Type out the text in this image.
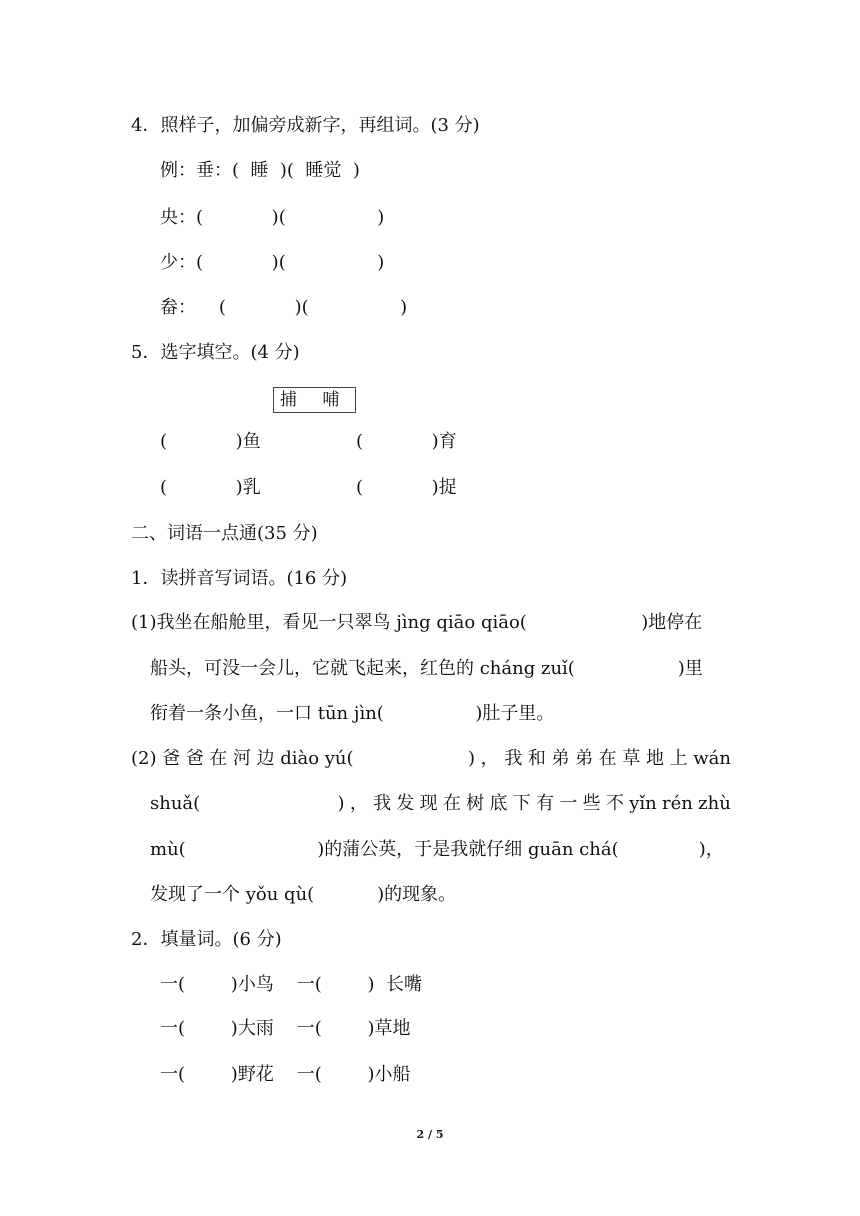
4．照样子，加偏旁成新字，再组词。(3 分)
例：垂：(  睡  )(  睡觉  )
央：(            )(                )
少：(            )(                )
畚：    (            )(                )
5．选字填空。(4 分)
捕 哺
(            )鱼	(            )育
(            )乳	(            )捉
二、词语一点通(35 分)
1．读拼音写词语。(16 分)
(1)我坐在船舱里，看见一只翠鸟 jìng qiāo qiāo(                    )地停在
船头，可没一会儿，它就飞起来，红色的 cháng zuǐ(                  )里
衔着一条小鱼，一口 tūn jìn(                )肚子里。
(2) 爸 爸 在 河 边 diào yú(                    ) ， 我 和 弟 弟 在 草 地 上 wán
shuǎ(                        ) ， 我 发 现 在 树 底 下 有 一 些 不 yǐn rén zhù
mù(                       )的蒲公英，于是我就仔细 guān chá(              )，
发现了一个 yǒu qù(           )的现象。
2．填量词。(6 分)
一(        )小鸟    一(        )  长嘴
一(        )大雨    一(        )草地
一(        )野花    一(        )小船
2 / 5
